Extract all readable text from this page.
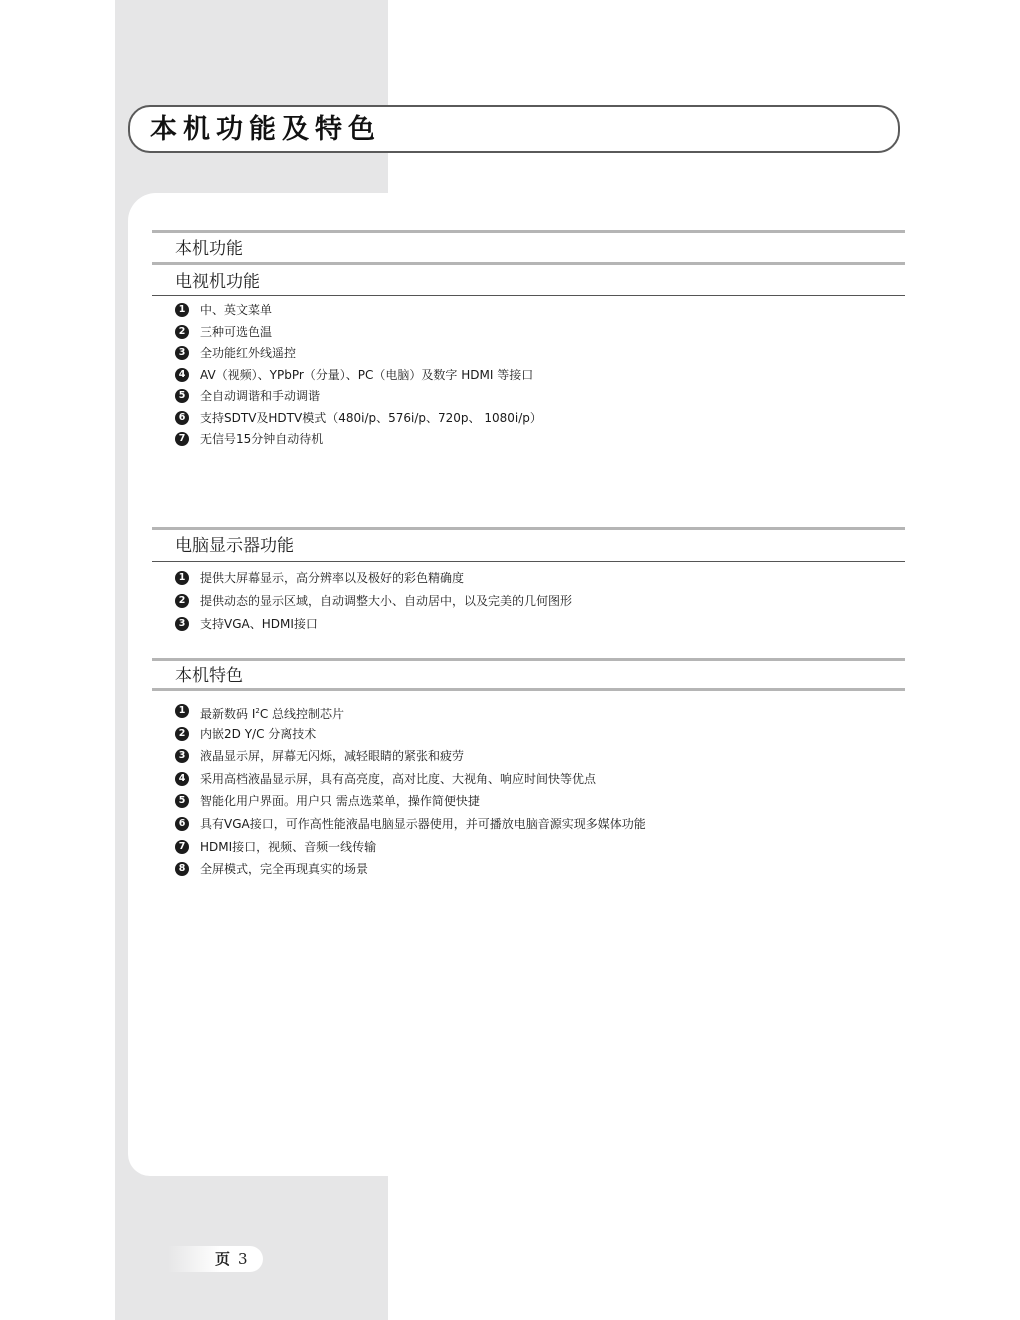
本机功能及特色
本机功能
电视机功能
1	中、英文菜单
2	三种可选色温
3	全功能红外线遥控
4	AV（视频）、YPbPr（分量）、PC（电脑）及数字 HDMI 等接口
5	全自动调谐和手动调谐
6	支持SDTV及HDTV模式（480i/p、576i/p、720p、 1080i/p）
7	无信号15分钟自动待机
电脑显示器功能
1	提供大屏幕显示，高分辨率以及极好的彩色精确度
2	提供动态的显示区域，自动调整大小、自动居中，以及完美的几何图形
3	支持VGA、HDMI接口
本机特色
1	最新数码 $I^2C$ 总线控制芯片
2	内嵌2D Y/C 分离技术
3	液晶显示屏，屏幕无闪烁，减轻眼睛的紧张和疲劳
4	采用高档液晶显示屏，具有高亮度，高对比度、大视角、响应时间快等优点
5	智能化用户界面。用户只 需点选菜单，操作简便快捷
6	具有VGA接口，可作高性能液晶电脑显示器使用，并可播放电脑音源实现多媒体功能
7	HDMI接口，视频、音频一线传输
8	全屏模式，完全再现真实的场景
页 3
